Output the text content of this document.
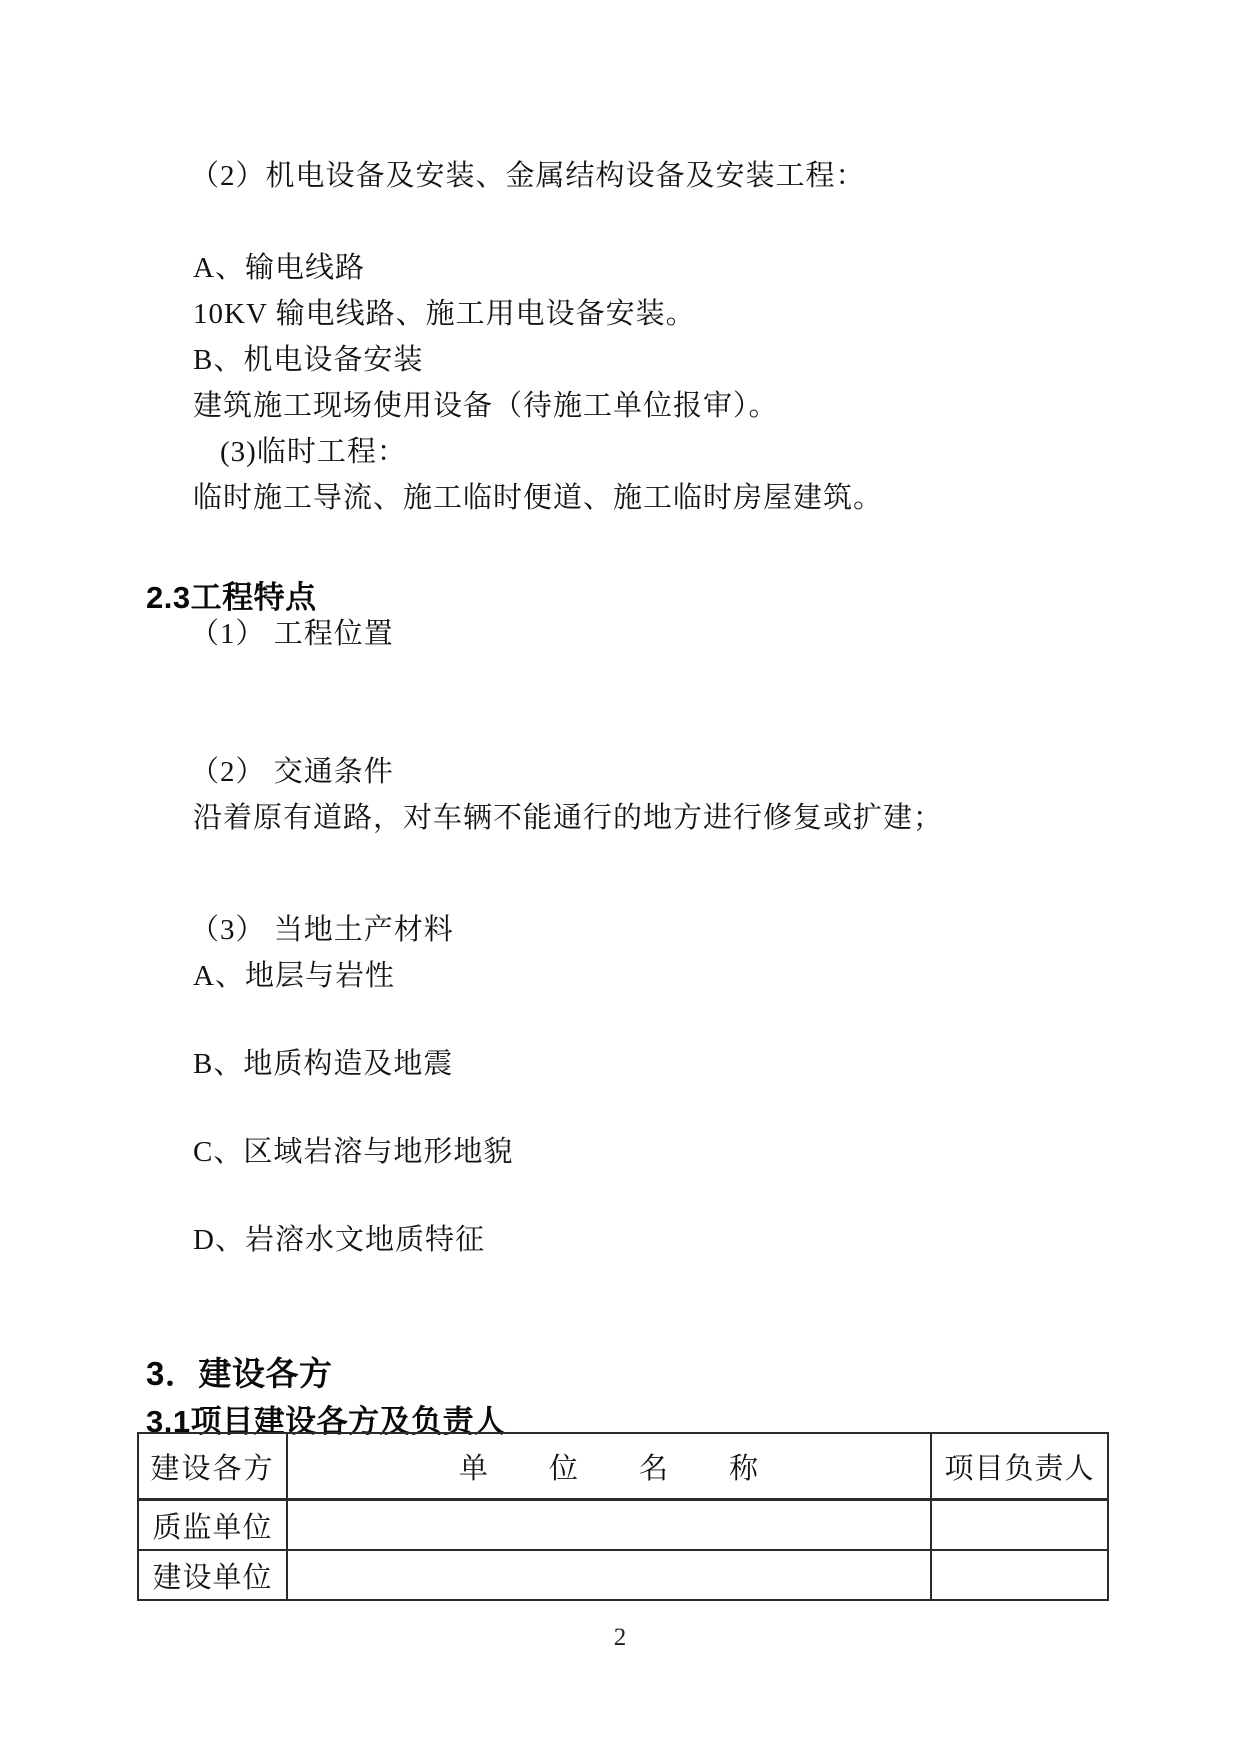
（2）机电设备及安装、金属结构设备及安装工程：
A、输电线路
10KV 输电线路、施工用电设备安装。
B、机电设备安装
建筑施工现场使用设备（待施工单位报审）。
(3)临时工程：
临时施工导流、施工临时便道、施工临时房屋建筑。
2.3工程特点
（1） 工程位置
（2） 交通条件
沿着原有道路，对车辆不能通行的地方进行修复或扩建；
（3） 当地土产材料
A、地层与岩性
B、地质构造及地震
C、区域岩溶与地形地貌
D、岩溶水文地质特征
3．建设各方
3.1项目建设各方及负责人
建设各方	单　　位　　名　　称	项目负责人
质监单位		
建设单位		
2
